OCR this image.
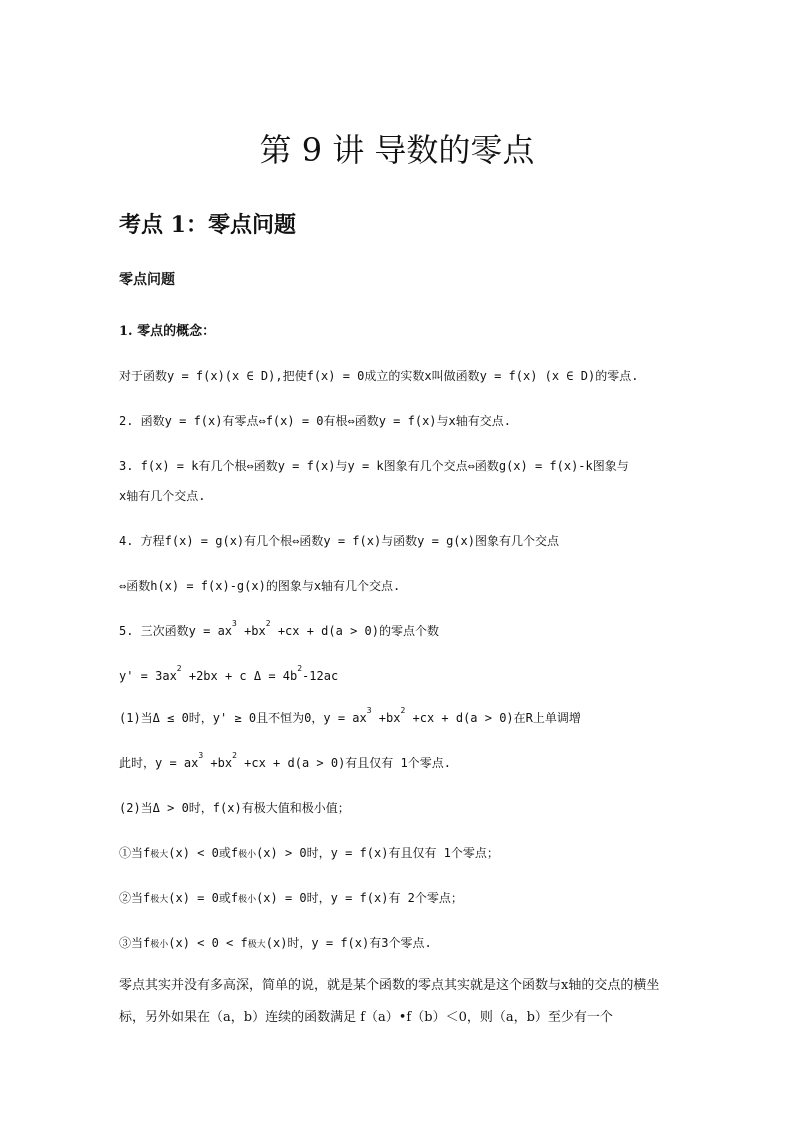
第 9 讲 导数的零点
考点 1：零点问题
零点问题
1. 零点的概念：
对于函数y = f(x)(x ∈ D),把使f(x) = 0成立的实数x叫做函数y = f(x) (x ∈ D)的零点.
2. 函数y = f(x)有零点⇔f(x) = 0有根⇔函数y = f(x)与x轴有交点.
3. f(x) = k有几个根⇔函数y = f(x)与y = k图象有几个交点⇔函数g(x) = f(x)-k图象与
x轴有几个交点.
4. 方程f(x) = g(x)有几个根⇔函数y = f(x)与函数y = g(x)图象有几个交点
⇔函数h(x) = f(x)-g(x)的图象与x轴有几个交点.
5. 三次函数$y = ax^3 +bx^2 +cx + d(a > 0)$的零点个数
$y' = 3ax^2 +2bx + c$ $\Delta = 4b^2-12ac$
(1)当Δ ≤ 0时，y' ≥ 0且不恒为0，$y = ax^3 +bx^2 +cx + d(a > 0)$在R上单调增
此时，$y = ax^3 +bx^2 +cx + d(a > 0)$有且仅有 1个零点.
(2)当Δ > 0时，f(x)有极大值和极小值；
①当f极大(x) < 0或f极小(x) > 0时，y = f(x)有且仅有 1个零点；
②当f极大(x) = 0或f极小(x) = 0时，y = f(x)有 2个零点；
③当f极小(x) < 0 < f极大(x)时，y = f(x)有3个零点.
零点其实并没有多高深，简单的说，就是某个函数的零点其实就是这个函数与x轴的交点的横坐标，另外如果在（a，b）连续的函数满足 f（a）•f（b）＜0，则（a，b）至少有一个
